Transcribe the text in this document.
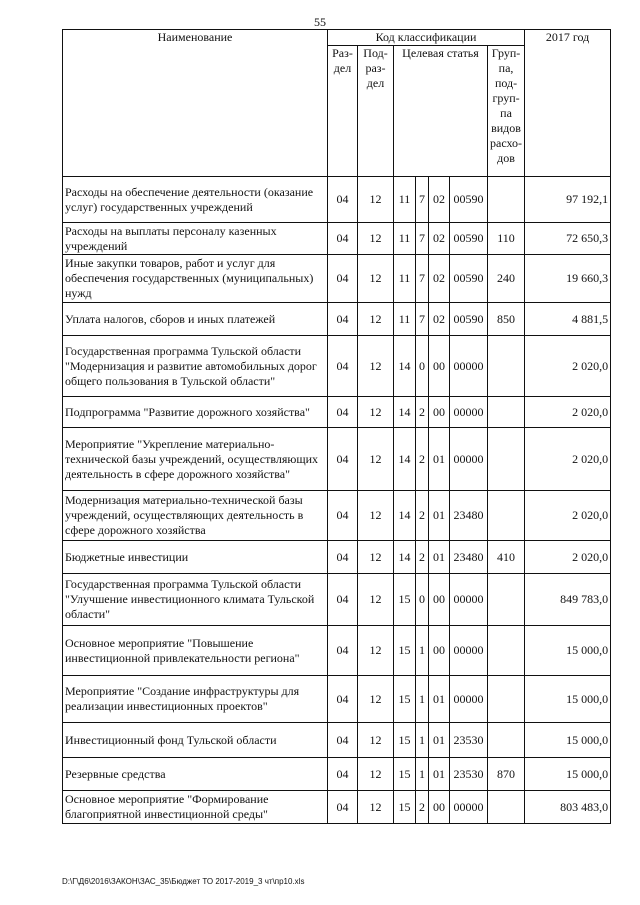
55
Наименование	Код классификации							2017 год
	Раз- дел	Под- раз- дел	Целевая статья				Груп- па, под- груп- па видов расхо- дов	
Расходы на обеспечение деятельности (оказание услуг) государственных учреждений	04	12	11	7	02	00590		97 192,1
Расходы на выплаты персоналу казенных учреждений	04	12	11	7	02	00590	110	72 650,3
Иные закупки товаров, работ и услуг для обеспечения государственных (муниципальных) нужд	04	12	11	7	02	00590	240	19 660,3
Уплата налогов, сборов и иных платежей	04	12	11	7	02	00590	850	4 881,5
Государственная программа Тульской области "Модернизация и развитие автомобильных дорог общего пользования в Тульской области"	04	12	14	0	00	00000		2 020,0
Подпрограмма "Развитие дорожного хозяйства"	04	12	14	2	00	00000		2 020,0
Мероприятие "Укрепление материально-технической базы учреждений, осуществляющих деятельность в сфере дорожного хозяйства"	04	12	14	2	01	00000		2 020,0
Модернизация материально-технической базы учреждений, осуществляющих деятельность в сфере дорожного хозяйства	04	12	14	2	01	23480		2 020,0
Бюджетные инвестиции	04	12	14	2	01	23480	410	2 020,0
Государственная программа Тульской области "Улучшение инвестиционного климата Тульской области"	04	12	15	0	00	00000		849 783,0
Основное мероприятие "Повышение инвестиционной привлекательности региона"	04	12	15	1	00	00000		15 000,0
Мероприятие "Создание инфраструктуры для реализации инвестиционных проектов"	04	12	15	1	01	00000		15 000,0
Инвестиционный фонд Тульской области	04	12	15	1	01	23530		15 000,0
Резервные средства	04	12	15	1	01	23530	870	15 000,0
Основное мероприятие "Формирование благоприятной инвестиционной среды"	04	12	15	2	00	00000		803 483,0
D:\Г\Д6\2016\ЗАКОН\ЗАС_35\Бюджет ТО 2017-2019_3 чт\пр10.xls
